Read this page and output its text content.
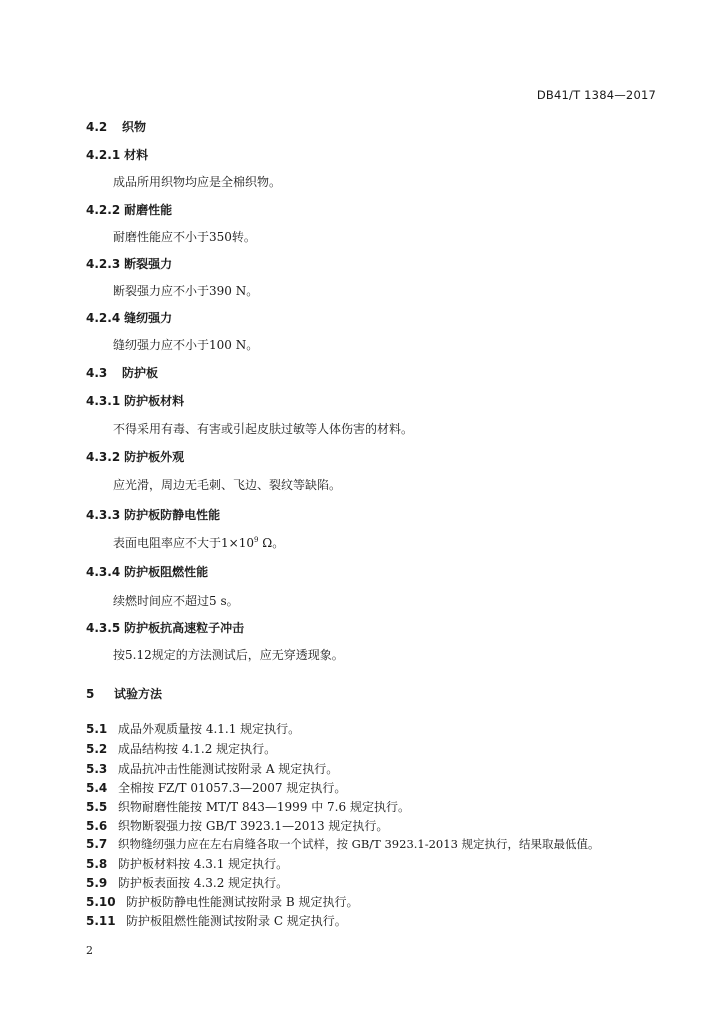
DB41/T 1384—2017
4.2 织物
4.2.1 材料
成品所用织物均应是全棉织物。
4.2.2 耐磨性能
耐磨性能应不小于350转。
4.2.3 断裂强力
断裂强力应不小于390 N。
4.2.4 缝纫强力
缝纫强力应不小于100 N。
4.3 防护板
4.3.1 防护板材料
不得采用有毒、有害或引起皮肤过敏等人体伤害的材料。
4.3.2 防护板外观
应光滑，周边无毛刺、飞边、裂纹等缺陷。
4.3.3 防护板防静电性能
表面电阻率应不大于$1\times 10^9$ Ω。
4.3.4 防护板阻燃性能
续燃时间应不超过5 s。
4.3.5 防护板抗高速粒子冲击
按5.12规定的方法测试后，应无穿透现象。
5 试验方法
5.1 成品外观质量按 4.1.1 规定执行。
5.2 成品结构按 4.1.2 规定执行。
5.3 成品抗冲击性能测试按附录 A 规定执行。
5.4 全棉按 FZ/T 01057.3—2007 规定执行。
5.5 织物耐磨性能按 MT/T 843—1999 中 7.6 规定执行。
5.6 织物断裂强力按 GB/T 3923.1—2013 规定执行。
5.7 织物缝纫强力应在左右肩缝各取一个试样，按 GB/T 3923.1-2013 规定执行，结果取最低值。
5.8 防护板材料按 4.3.1 规定执行。
5.9 防护板表面按 4.3.2 规定执行。
5.10 防护板防静电性能测试按附录 B 规定执行。
5.11 防护板阻燃性能测试按附录 C 规定执行。
2
